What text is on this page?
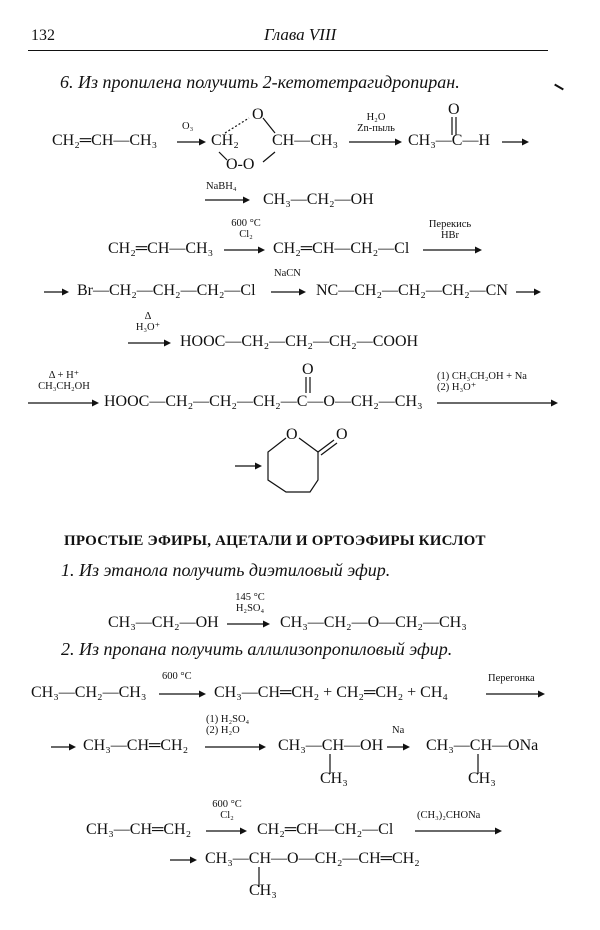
132	Глава VIII
6. Из пропилена получить 2-кетотетрагидропиран.
CH₂═CH—CH₃
O₃
O
CH₂ CH—CH₃
O-O
H₂O
Zn-пыль
O
CH₃—C—H
NaBH₄
CH₃—CH₂—OH
CH₂═CH—CH₃
600 °C
Cl₂
CH₂═CH—CH₂—Cl
Перекись
HBr
Br—CH₂—CH₂—CH₂—Cl
NaCN
NC—CH₂—CH₂—CH₂—CN
Δ
H₃O⁺
HOOC—CH₂—CH₂—CH₂—COOH
Δ + H⁺
CH₃CH₂OH
O
HOOC—CH₂—CH₂—CH₂—C—O—CH₂—CH₃
(1) CH₃CH₂OH + Na
(2) H₃O⁺
O O
ПРОСТЫЕ ЭФИРЫ, АЦЕТАЛИ И ОРТОЭФИРЫ КИСЛОТ
1. Из этанола получить диэтиловый эфир.
CH₃—CH₂—OH
145 °C
H₂SO₄
CH₃—CH₂—O—CH₂—CH₃
2. Из пропана получить аллилизопропиловый эфир.
CH₃—CH₂—CH₃
600 °C
CH₃—CH═CH₂ + CH₂═CH₂ + CH₄
Перегонка
CH₃—CH═CH₂
(1) H₂SO₄
(2) H₂O
CH₃—CH—OH
CH₃
Na
CH₃—CH—ONa
CH₃
CH₃—CH═CH₂
600 °C
Cl₂
CH₂═CH—CH₂—Cl
(CH₃)₂CHONa
CH₃—CH—O—CH₂—CH═CH₂
CH₃
